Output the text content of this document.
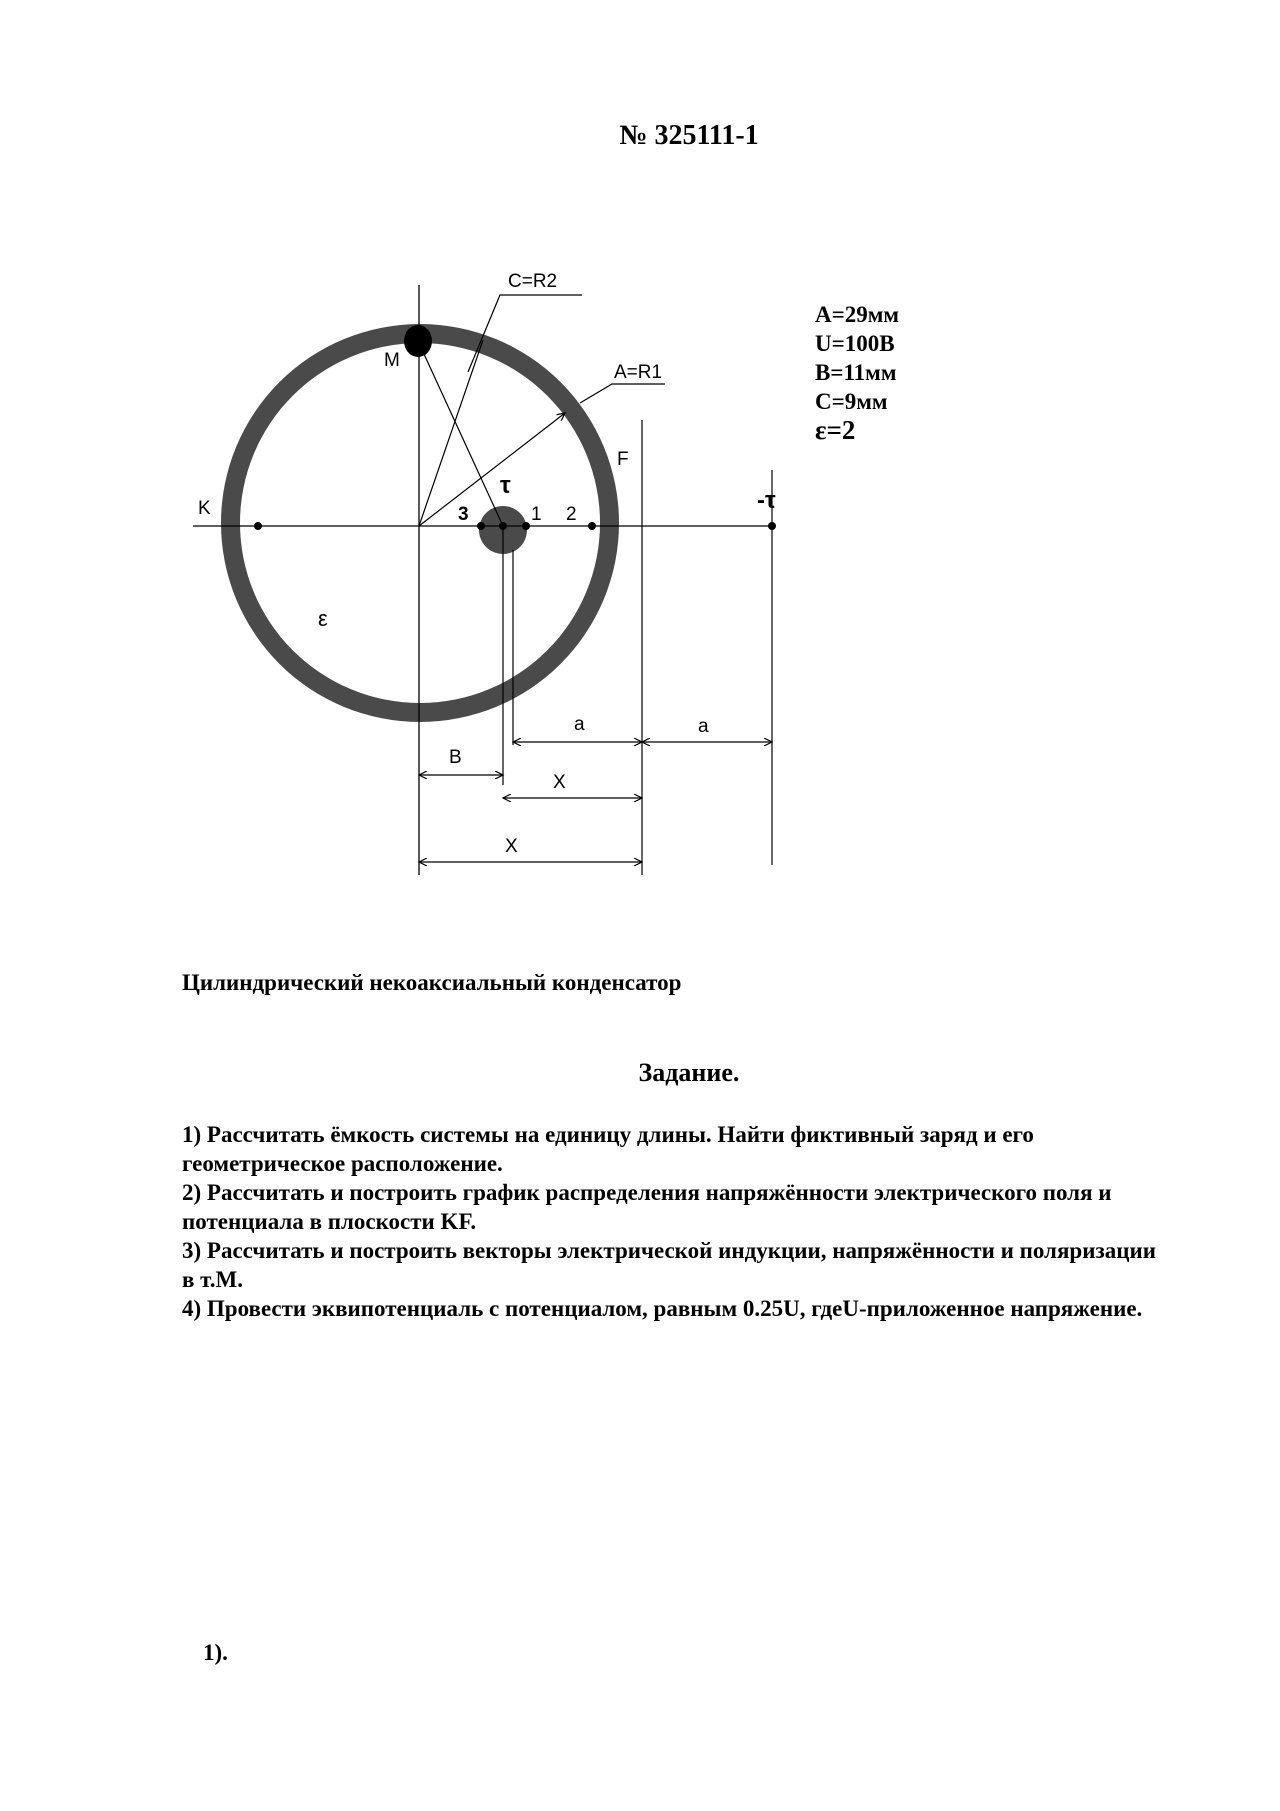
№ 325111-1
C=R2
A=R1
M
K
F
τ
-τ
3	1 2
ε
a	a
B
X
X
A=29мм
U=100В
B=11мм
C=9мм
ε=2
Цилиндрический некоаксиальный конденсатор
Задание.

1) Рассчитать ёмкость системы на единицу длины. Найти фиктивный заряд и его геометрическое расположение.

2) Рассчитать и построить график распределения напряжённости электрического поля и потенциала в плоскости KF.

3) Рассчитать и построить векторы электрической индукции, напряжённости и поляризации в т.M.

4) Провести эквипотенциаль с потенциалом, равным 0.25U, гдеU-приложенное напряжение.

1).
